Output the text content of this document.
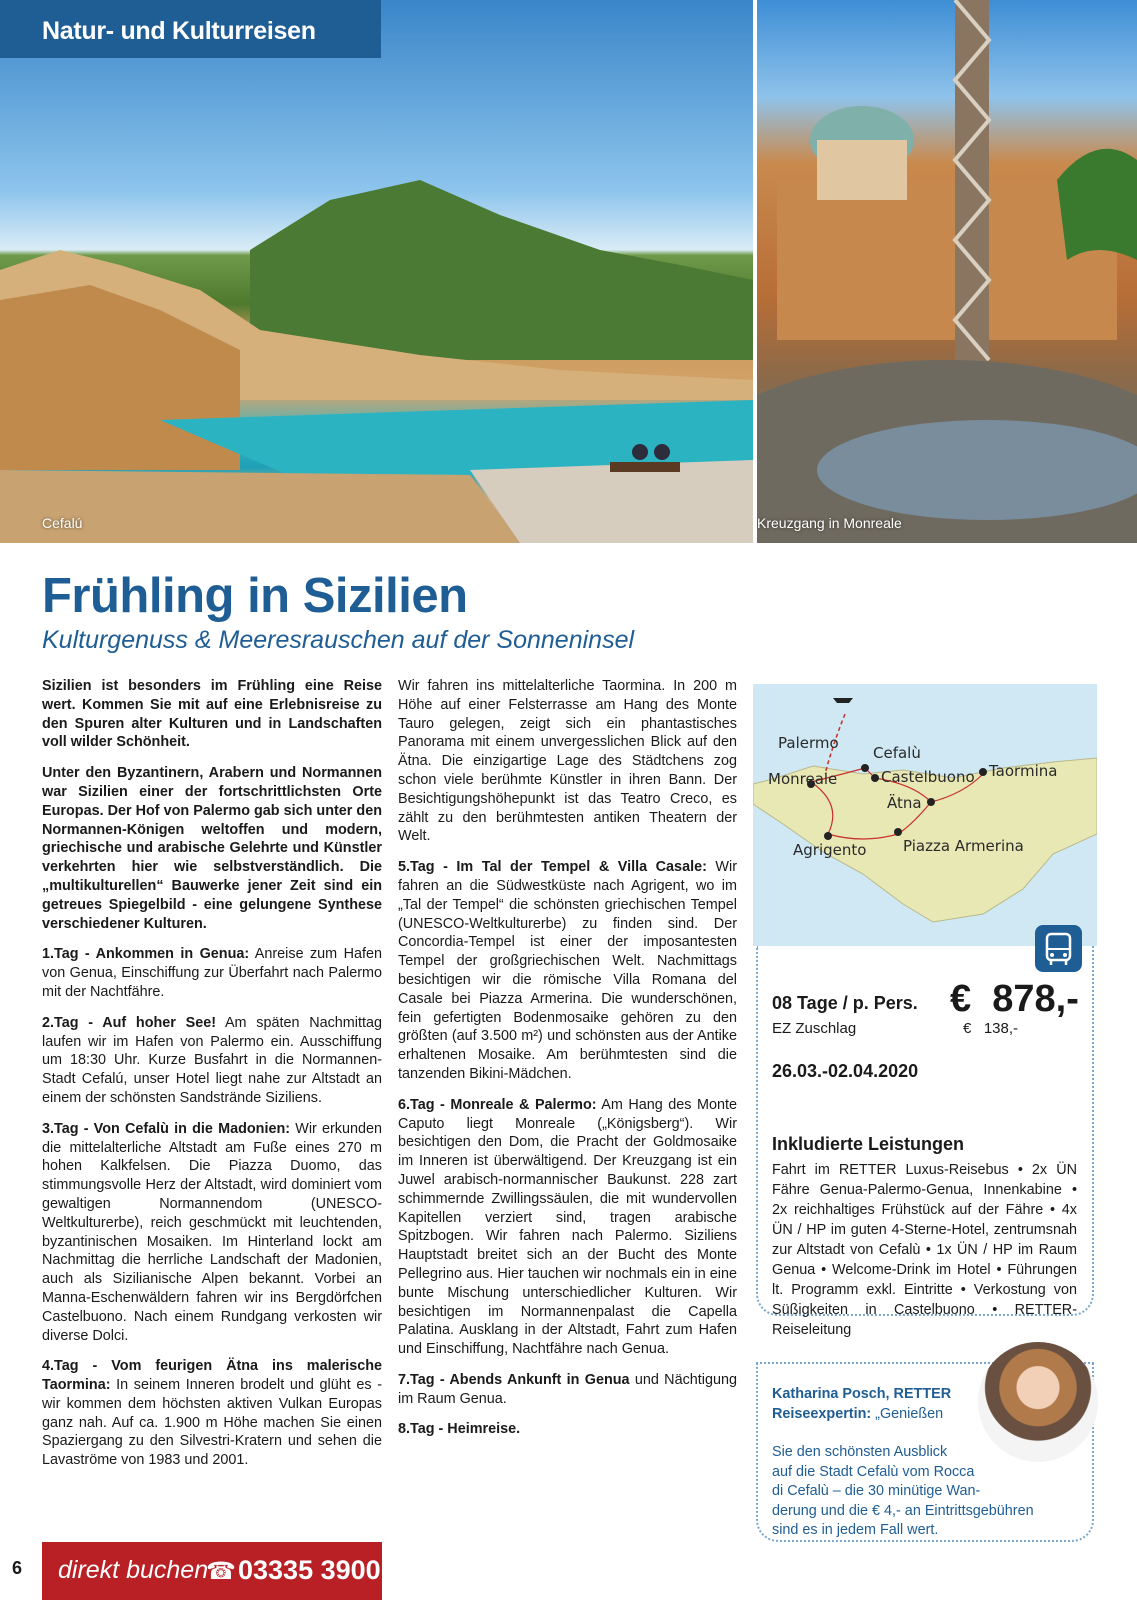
Cefalú	Kreuzgang in Monreale
Natur- und Kulturreisen
Frühling in Sizilien
Kulturgenuss & Meeresrauschen auf der Sonneninsel

Sizilien ist besonders im Frühling eine Reise wert. Kommen Sie mit auf eine Erlebnisreise zu den Spuren alter Kulturen und in Landschaften voll wilder Schönheit.

Unter den Byzantinern, Arabern und Normannen war Sizilien einer der fortschrittlichsten Orte Europas. Der Hof von Palermo gab sich unter den Normannen-Königen weltoffen und modern, griechische und arabische Gelehrte und Künstler verkehrten hier wie selbstverständlich. Die „multikulturellen“ Bauwerke jener Zeit sind ein getreues Spiegelbild - eine gelungene Synthese verschiedener Kulturen.

1.Tag - Ankommen in Genua: Anreise zum Hafen von Genua, Einschiffung zur Überfahrt nach Palermo mit der Nachtfähre.

2.Tag - Auf hoher See! Am späten Nachmittag laufen wir im Hafen von Palermo ein. Ausschiffung um 18:30 Uhr. Kurze Busfahrt in die Normannen-Stadt Cefalú, unser Hotel liegt nahe zur Altstadt an einem der schönsten Sandstrände Siziliens.

3.Tag - Von Cefalù in die Madonien: Wir erkunden die mittelalterliche Altstadt am Fuße eines 270 m hohen Kalkfelsen. Die Piazza Duomo, das stimmungsvolle Herz der Altstadt, wird dominiert vom gewaltigen Normannendom (UNESCO-Weltkulturerbe), reich geschmückt mit leuchtenden, byzantinischen Mosaiken. Im Hinterland lockt am Nachmittag die herrliche Landschaft der Madonien, auch als Sizilianische Alpen bekannt. Vorbei an Manna-Eschenwäldern fahren wir ins Bergdörfchen Castelbuono. Nach einem Rundgang verkosten wir diverse Dolci.

4.Tag - Vom feurigen Ätna ins malerische Taormina: In seinem Inneren brodelt und glüht es - wir kommen dem höchsten aktiven Vulkan Europas ganz nah. Auf ca. 1.900 m Höhe machen Sie einen Spaziergang zu den Silvestri-Kratern und sehen die Lavaströme von 1983 und 2001.

Wir fahren ins mittelalterliche Taormina. In 200 m Höhe auf einer Felsterrasse am Hang des Monte Tauro gelegen, zeigt sich ein phantastisches Panorama mit einem unvergesslichen Blick auf den Ätna. Die einzigartige Lage des Städtchens zog schon viele berühmte Künstler in ihren Bann. Der Besichtigungshöhepunkt ist das Teatro Creco, es zählt zu den berühmtesten antiken Theatern der Welt.

5.Tag - Im Tal der Tempel & Villa Casale: Wir fahren an die Südwestküste nach Agrigent, wo im „Tal der Tempel“ die schönsten griechischen Tempel (UNESCO-Weltkulturerbe) zu finden sind. Der Concordia-Tempel ist einer der imposantesten Tempel der großgriechischen Welt. Nachmittags besichtigen wir die römische Villa Romana del Casale bei Piazza Armerina. Die wunderschönen, fein gefertigten Bodenmosaike gehören zu den größten (auf 3.500 m²) und schönsten aus der Antike erhaltenen Mosaike. Am berühmtesten sind die tanzenden Bikini-Mädchen.

6.Tag - Monreale & Palermo: Am Hang des Monte Caputo liegt Monreale („Königsberg“). Wir besichtigen den Dom, die Pracht der Goldmosaike im Inneren ist überwältigend. Der Kreuzgang ist ein Juwel arabisch-normannischer Baukunst. 228 zart schimmernde Zwillingssäulen, die mit wundervollen Kapitellen verziert sind, tragen arabische Spitzbogen. Wir fahren nach Palermo. Siziliens Hauptstadt breitet sich an der Bucht des Monte Pellegrino aus. Hier tauchen wir nochmals ein in eine bunte Mischung unterschiedlicher Kulturen. Wir besichtigen im Normannenpalast die Capella Palatina. Ausklang in der Altstadt, Fahrt zum Hafen und Einschiffung, Nachtfähre nach Genua.

7.Tag - Abends Ankunft in Genua und Nächtigung im Raum Genua.

8.Tag - Heimreise.

Palermo
Cefalù
Monreale	Castelbuono Taormina
Ätna
Agrigento Piazza Armerina
08 Tage / p. Pers. €  878,-
EZ Zuschlag	€   138,-
26.03.-02.04.2020
Inkludierte Leistungen
Fahrt im RETTER Luxus-Reisebus • 2x ÜN Fähre Genua-Palermo-Genua, Innenkabine • 2x reichhaltiges Frühstück auf der Fähre • 4x ÜN / HP im guten 4-Sterne-Hotel, zentrumsnah zur Altstadt von Cefalù • 1x ÜN / HP im Raum Genua • Welcome-Drink im Hotel • Führungen lt. Programm exkl. Eintritte • Verkostung von Süßigkeiten in Castelbuono • RETTER-Reiseleitung
Katharina Posch, RETTER Reiseexpertin: „Genießen
Sie den schönsten Ausblick
auf die Stadt Cefalù vom Rocca
di Cefalù – die 30 minütige Wan-
derung und die € 4,- an Eintrittsgebühren
sind es in jedem Fall wert.
6 direkt buchen
☎ 03335 3900
